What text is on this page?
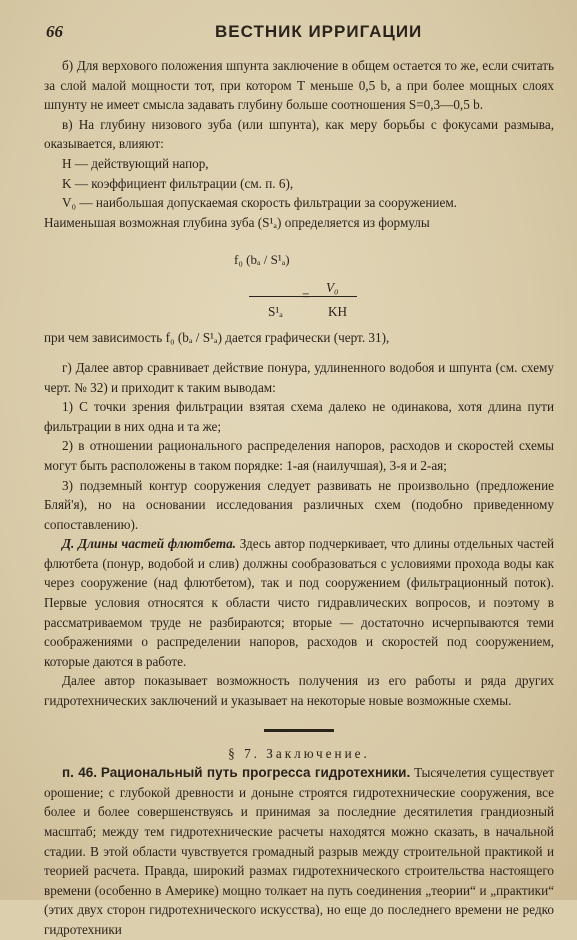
66	ВЕСТНИК ИРРИГАЦИИ

б) Для верхового положения шпунта заключение в общем остается то же, если считать за слой малой мощности тот, при котором T меньше 0,5 b, а при более мощных слоях шпунту не имеет смысла задавать глубину больше соотношения S=0,3—0,5 b.

в) На глубину низового зуба (или шпунта), как меру борьбы с фокусами размыва, оказывается, влияют:

H — действующий напор,

K — коэффициент фильтрации (см. п. 6),

V₀ — наибольшая допускаемая скорость фильтрации за сооружением.

Наименьшая возможная глубина зуба (S¹ₐ) определяется из формулы

f₀ (bₐ / S¹ₐ)
S¹ₐ
=
V₀
KH

при чем зависимость f₀ (bₐ / S¹ₐ) дается графически (черт. 31),

г) Далее автор сравнивает действие понура, удлиненного водобоя и шпунта (см. схему черт. № 32) и приходит к таким выводам:

1) С точки зрения фильтрации взятая схема далеко не одинакова, хотя длина пути фильтрации в них одна и та же;

2) в отношении рационального распределения напоров, расходов и скоростей схемы могут быть расположены в таком порядке: 1-ая (наилучшая), 3-я и 2-ая;

3) подземный контур сооружения следует развивать не произвольно (предложение Бляй'я), но на основании исследования различных схем (подобно приведенному сопоставлению).

Д. Длины частей флютбета. Здесь автор подчеркивает, что длины отдельных частей флютбета (понур, водобой и слив) должны сообразоваться с условиями прохода воды как через сооружение (над флютбетом), так и под сооружением (фильтрационный поток). Первые условия относятся к области чисто гидравлических вопросов, и поэтому в рассматриваемом труде не разбираются; вторые — достаточно исчерпываются теми соображениями о распределении напоров, расходов и скоростей под сооружением, которые даются в работе.

Далее автор показывает возможность получения из его работы и ряда других гидротехнических заключений и указывает на некоторые новые возможные схемы.

§ 7. Заключение.

п. 46. Рациональный путь прогресса гидротехники. Тысячелетия существует орошение; с глубокой древности и доныне строятся гидротехнические сооружения, все более и более совершенствуясь и принимая за последние десятилетия грандиозный масштаб; между тем гидротехнические расчеты находятся можно сказать, в начальной стадии. В этой области чувствуется громадный разрыв между строительной практикой и теорией расчета. Правда, широкий размах гидротехнического строительства настоящего времени (особенно в Америке) мощно толкает на путь соединения „теории“ и „практики“ (этих двух сторон гидротехнического искусства), но еще до последнего времени не редко гидротехники
